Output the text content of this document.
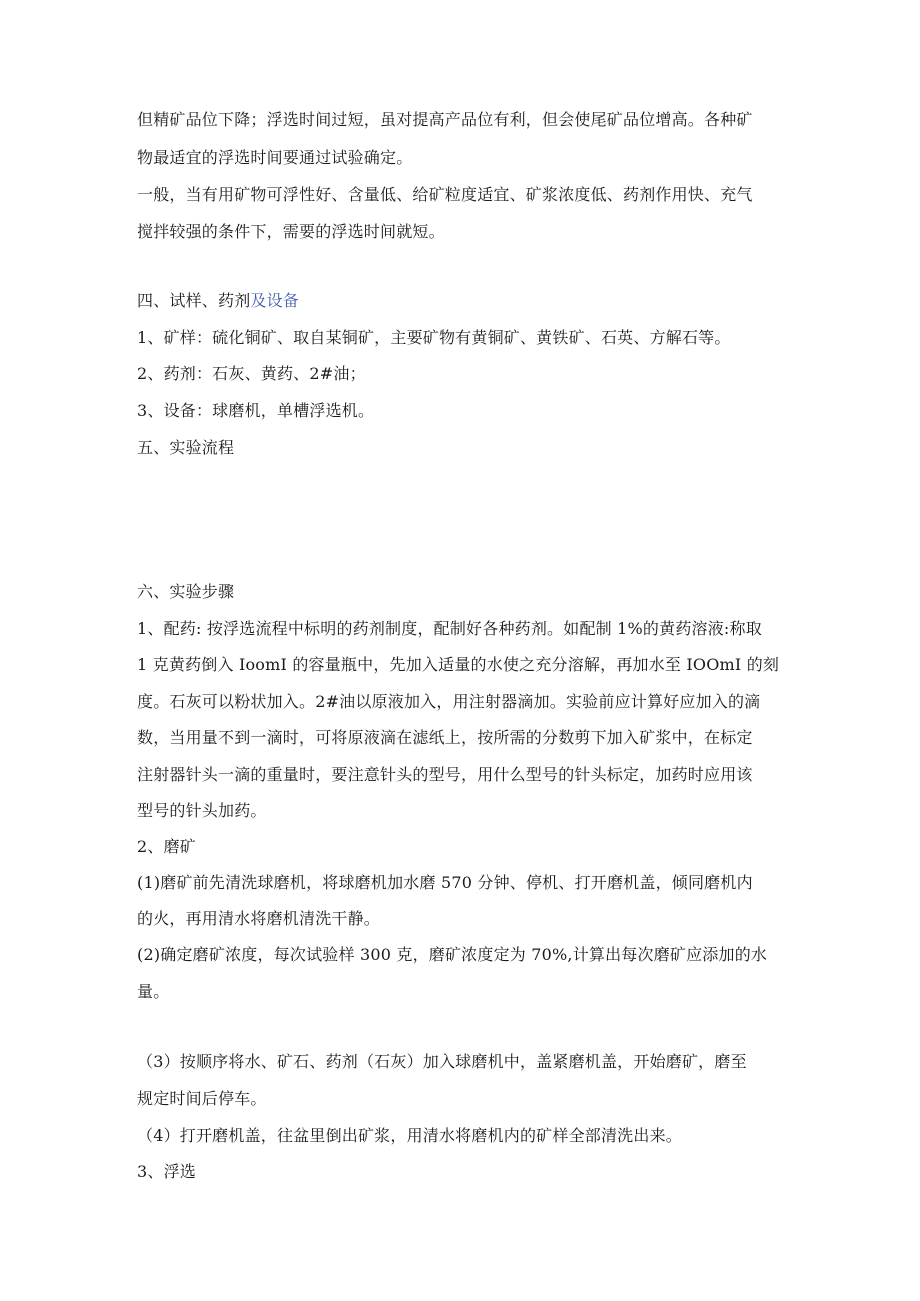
但精矿品位下降；浮选时间过短，虽对提高产品位有利，但会使尾矿品位增高。各种矿
物最适宜的浮选时间要通过试验确定。
一般，当有用矿物可浮性好、含量低、给矿粒度适宜、矿浆浓度低、药剂作用快、充气
搅拌较强的条件下，需要的浮选时间就短。
四、试样、药剂及设备
1、矿样：硫化铜矿、取自某铜矿，主要矿物有黄铜矿、黄铁矿、石英、方解石等。
2、药剂：石灰、黄药、2#油；
3、设备：球磨机，单槽浮选机。
五、实验流程
六、实验步骤
1、配药: 按浮选流程中标明的药剂制度，配制好各种药剂。如配制 1%的黄药溶液:称取
1 克黄药倒入 IoomI 的容量瓶中，先加入适量的水使之充分溶解，再加水至 IOOmI 的刻
度。石灰可以粉状加入。2#油以原液加入，用注射器滴加。实验前应计算好应加入的滴
数，当用量不到一滴时，可将原液滴在滤纸上，按所需的分数剪下加入矿浆中，在标定
注射器针头一滴的重量时，要注意针头的型号，用什么型号的针头标定，加药时应用该
型号的针头加药。
2、磨矿
(1)磨矿前先清洗球磨机，将球磨机加水磨 570 分钟、停机、打开磨机盖，倾同磨机内
的火，再用清水将磨机清洗干静。
(2)确定磨矿浓度，每次试验样 300 克，磨矿浓度定为 70%,计算出每次磨矿应添加的水
量。
（3）按顺序将水、矿石、药剂（石灰）加入球磨机中，盖紧磨机盖，开始磨矿，磨至
规定时间后停车。
（4）打开磨机盖，往盆里倒出矿浆，用清水将磨机内的矿样全部清洗出来。
3、浮选
